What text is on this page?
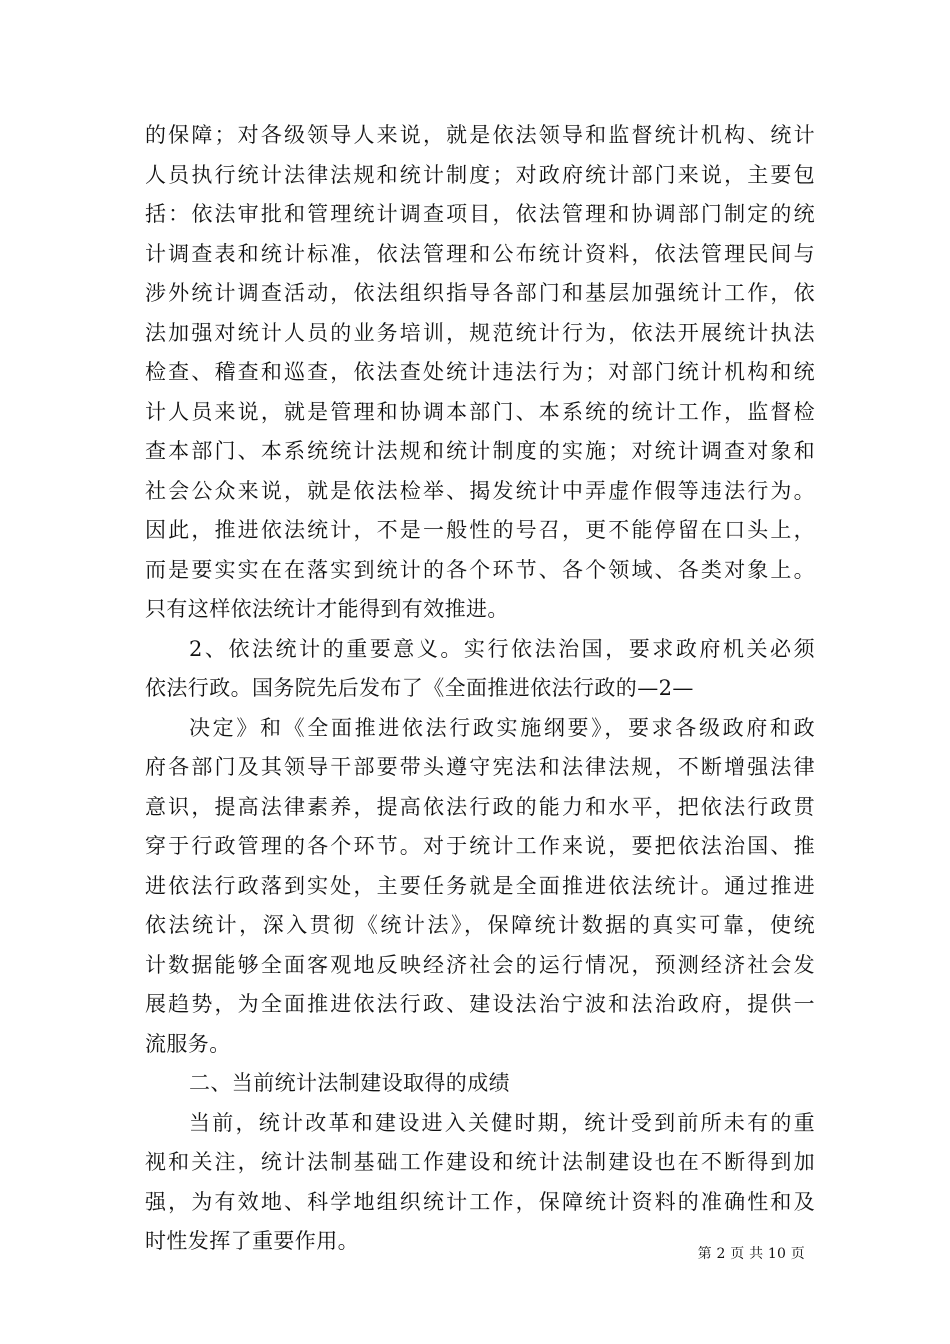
的保障；对各级领导人来说，就是依法领导和监督统计机构、统计
人员执行统计法律法规和统计制度；对政府统计部门来说，主要包
括：依法审批和管理统计调查项目，依法管理和协调部门制定的统
计调查表和统计标准，依法管理和公布统计资料，依法管理民间与
涉外统计调查活动，依法组织指导各部门和基层加强统计工作，依
法加强对统计人员的业务培训，规范统计行为，依法开展统计执法
检查、稽查和巡查，依法查处统计违法行为；对部门统计机构和统
计人员来说，就是管理和协调本部门、本系统的统计工作，监督检
查本部门、本系统统计法规和统计制度的实施；对统计调查对象和
社会公众来说，就是依法检举、揭发统计中弄虚作假等违法行为。
因此，推进依法统计，不是一般性的号召，更不能停留在口头上，
而是要实实在在落实到统计的各个环节、各个领域、各类对象上。
只有这样依法统计才能得到有效推进。
2、依法统计的重要意义。实行依法治国，要求政府机关必须
依法行政。国务院先后发布了《全面推进依法行政的—2—
决定》和《全面推进依法行政实施纲要》，要求各级政府和政
府各部门及其领导干部要带头遵守宪法和法律法规，不断增强法律
意识，提高法律素养，提高依法行政的能力和水平，把依法行政贯
穿于行政管理的各个环节。对于统计工作来说，要把依法治国、推
进依法行政落到实处，主要任务就是全面推进依法统计。通过推进
依法统计，深入贯彻《统计法》，保障统计数据的真实可靠，使统
计数据能够全面客观地反映经济社会的运行情况，预测经济社会发
展趋势，为全面推进依法行政、建设法治宁波和法治政府，提供一
流服务。
二、当前统计法制建设取得的成绩
当前，统计改革和建设进入关健时期，统计受到前所未有的重
视和关注，统计法制基础工作建设和统计法制建设也在不断得到加
强，为有效地、科学地组织统计工作，保障统计资料的准确性和及
时性发挥了重要作用。
第 2 页 共 10 页
